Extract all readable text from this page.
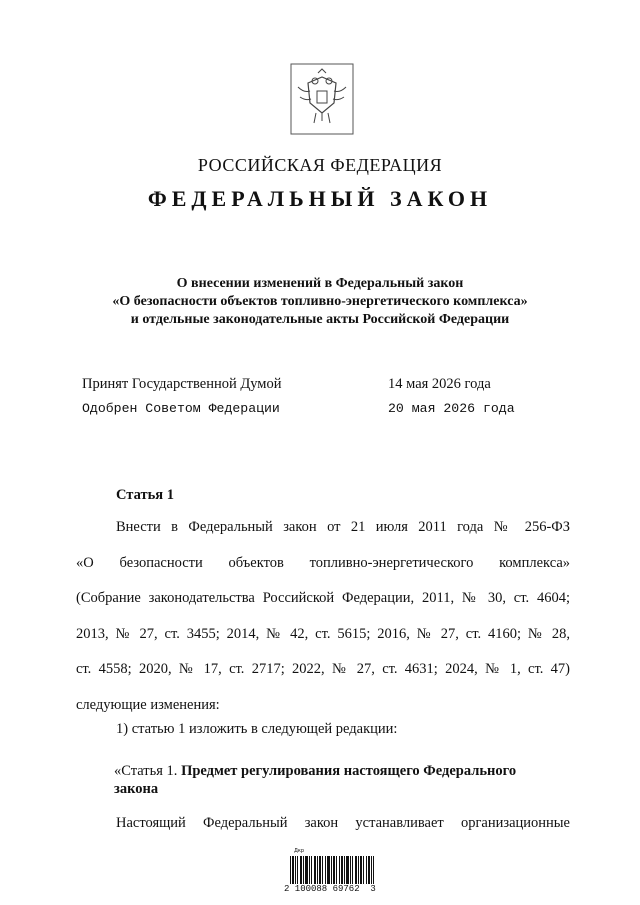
РОССИЙСКАЯ ФЕДЕРАЦИЯ
ФЕДЕРАЛЬНЫЙ ЗАКОН
О внесении изменений в Федеральный закон
«О безопасности объектов топливно-энергетического комплекса»
и отдельные законодательные акты Российской Федерации
Принят Государственной Думой	14 мая 2026 года
Одобрен Советом Федерации	20 мая 2026 года
Статья 1

Внести в Федеральный закон от 21 июля 2011 года № 256-ФЗ

«О безопасности объектов топливно-энергетического комплекса»

(Собрание законодательства Российской Федерации, 2011, № 30, ст. 4604;

2013, № 27, ст. 3455; 2014, № 42, ст. 5615; 2016, № 27, ст. 4160; № 28,

ст. 4558; 2020, № 17, ст. 2717; 2022, № 27, ст. 4631; 2024, № 1, ст. 47)

следующие изменения:

1) статью 1 изложить в следующей редакции:
«Статья 1. Предмет регулирования настоящего Федерального закона
Настоящий Федеральный закон устанавливает организационные
Дкр
2 100088 69762  3
